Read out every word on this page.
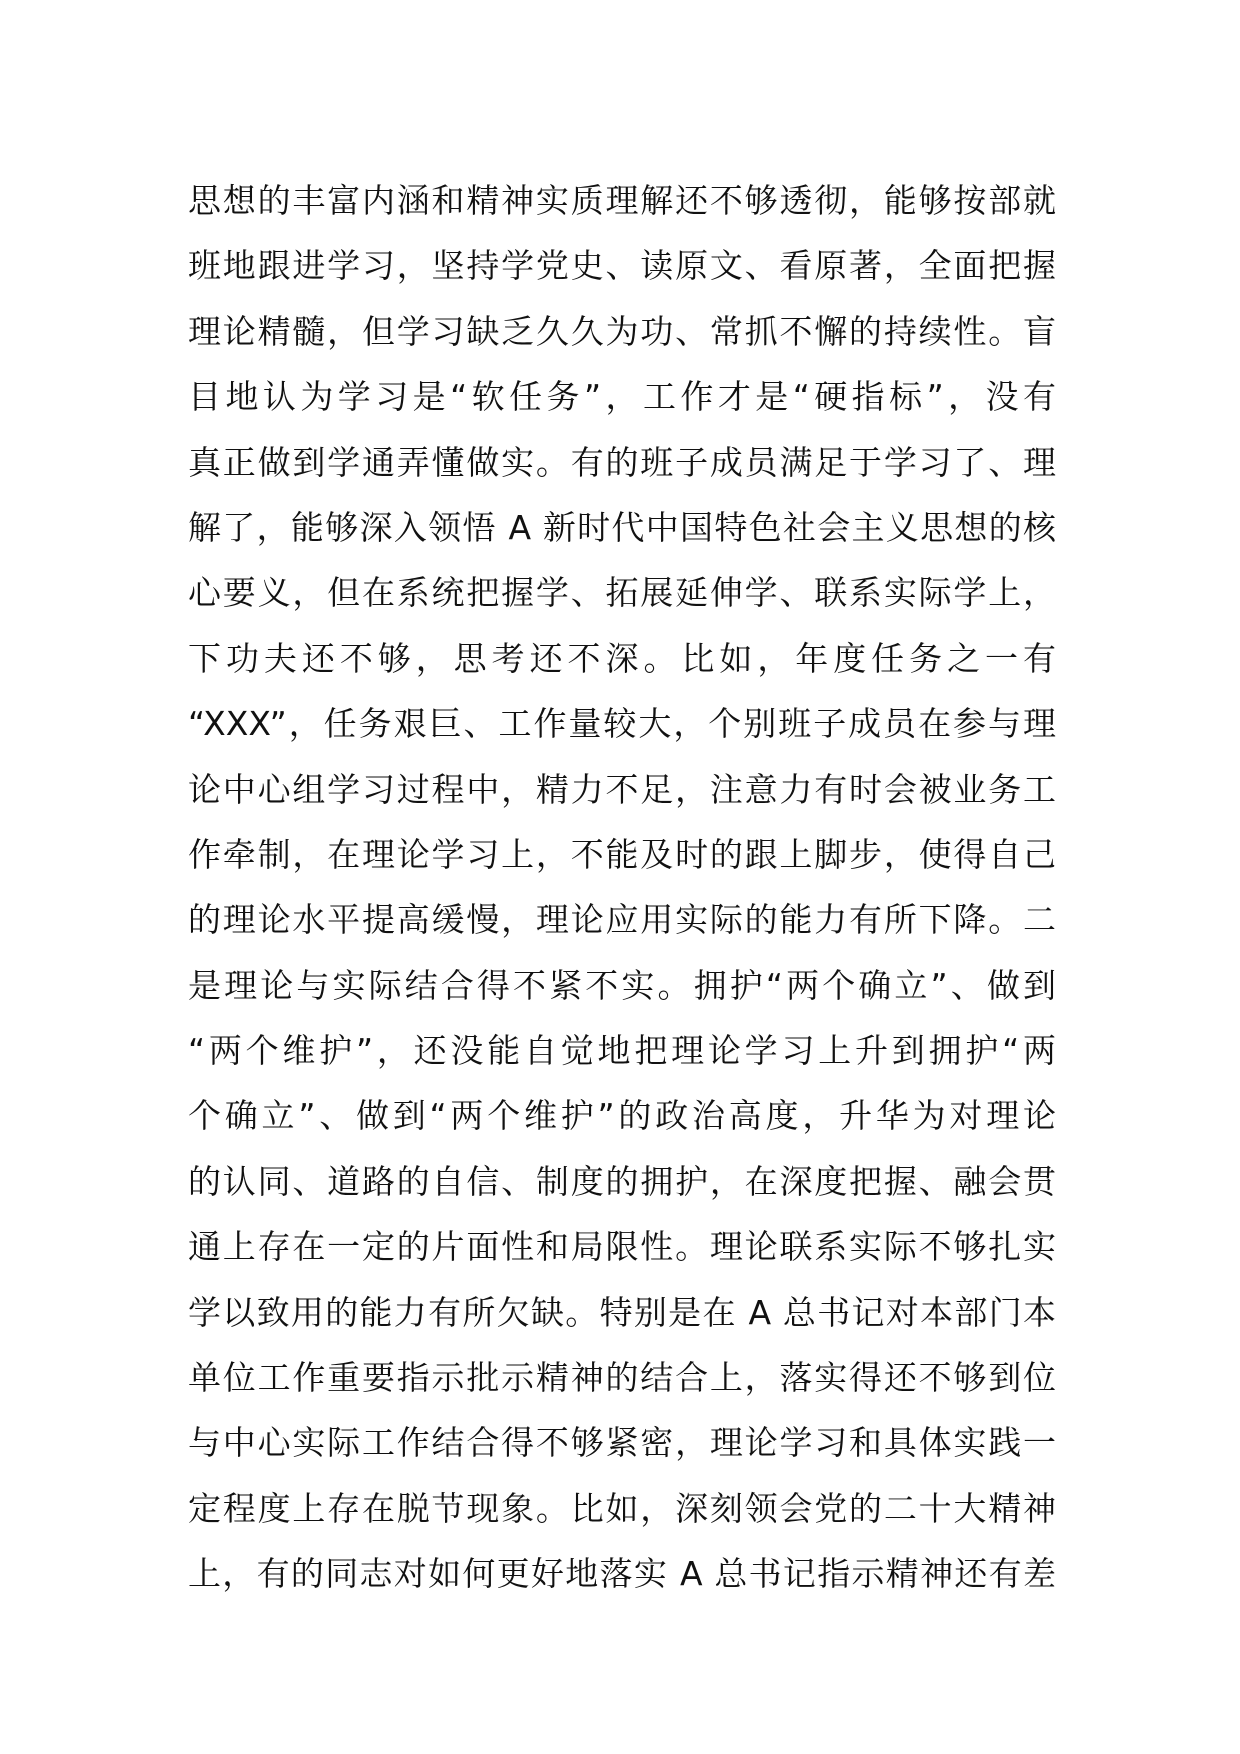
思想的丰富内涵和精神实质理解还不够透彻，能够按部就
班地跟进学习，坚持学党史、读原文、看原著，全面把握
理论精髓，但学习缺乏久久为功、常抓不懈的持续性。盲
目地认为学习是“软任务”，工作才是“硬指标”，没有
真正做到学通弄懂做实。有的班子成员满足于学习了、理
解了，能够深入领悟 A 新时代中国特色社会主义思想的核
心要义，但在系统把握学、拓展延伸学、联系实际学上，
下功夫还不够，思考还不深。比如，年度任务之一有
“XXX”，任务艰巨、工作量较大，个别班子成员在参与理
论中心组学习过程中，精力不足，注意力有时会被业务工
作牵制，在理论学习上，不能及时的跟上脚步，使得自己
的理论水平提高缓慢，理论应用实际的能力有所下降。二
是理论与实际结合得不紧不实。拥护“两个确立”、做到
“两个维护”，还没能自觉地把理论学习上升到拥护“两
个确立”、做到“两个维护”的政治高度，升华为对理论
的认同、道路的自信、制度的拥护，在深度把握、融会贯
通上存在一定的片面性和局限性。理论联系实际不够扎实
学以致用的能力有所欠缺。特别是在 A 总书记对本部门本
单位工作重要指示批示精神的结合上，落实得还不够到位
与中心实际工作结合得不够紧密，理论学习和具体实践一
定程度上存在脱节现象。比如，深刻领会党的二十大精神
上，有的同志对如何更好地落实 A 总书记指示精神还有差
